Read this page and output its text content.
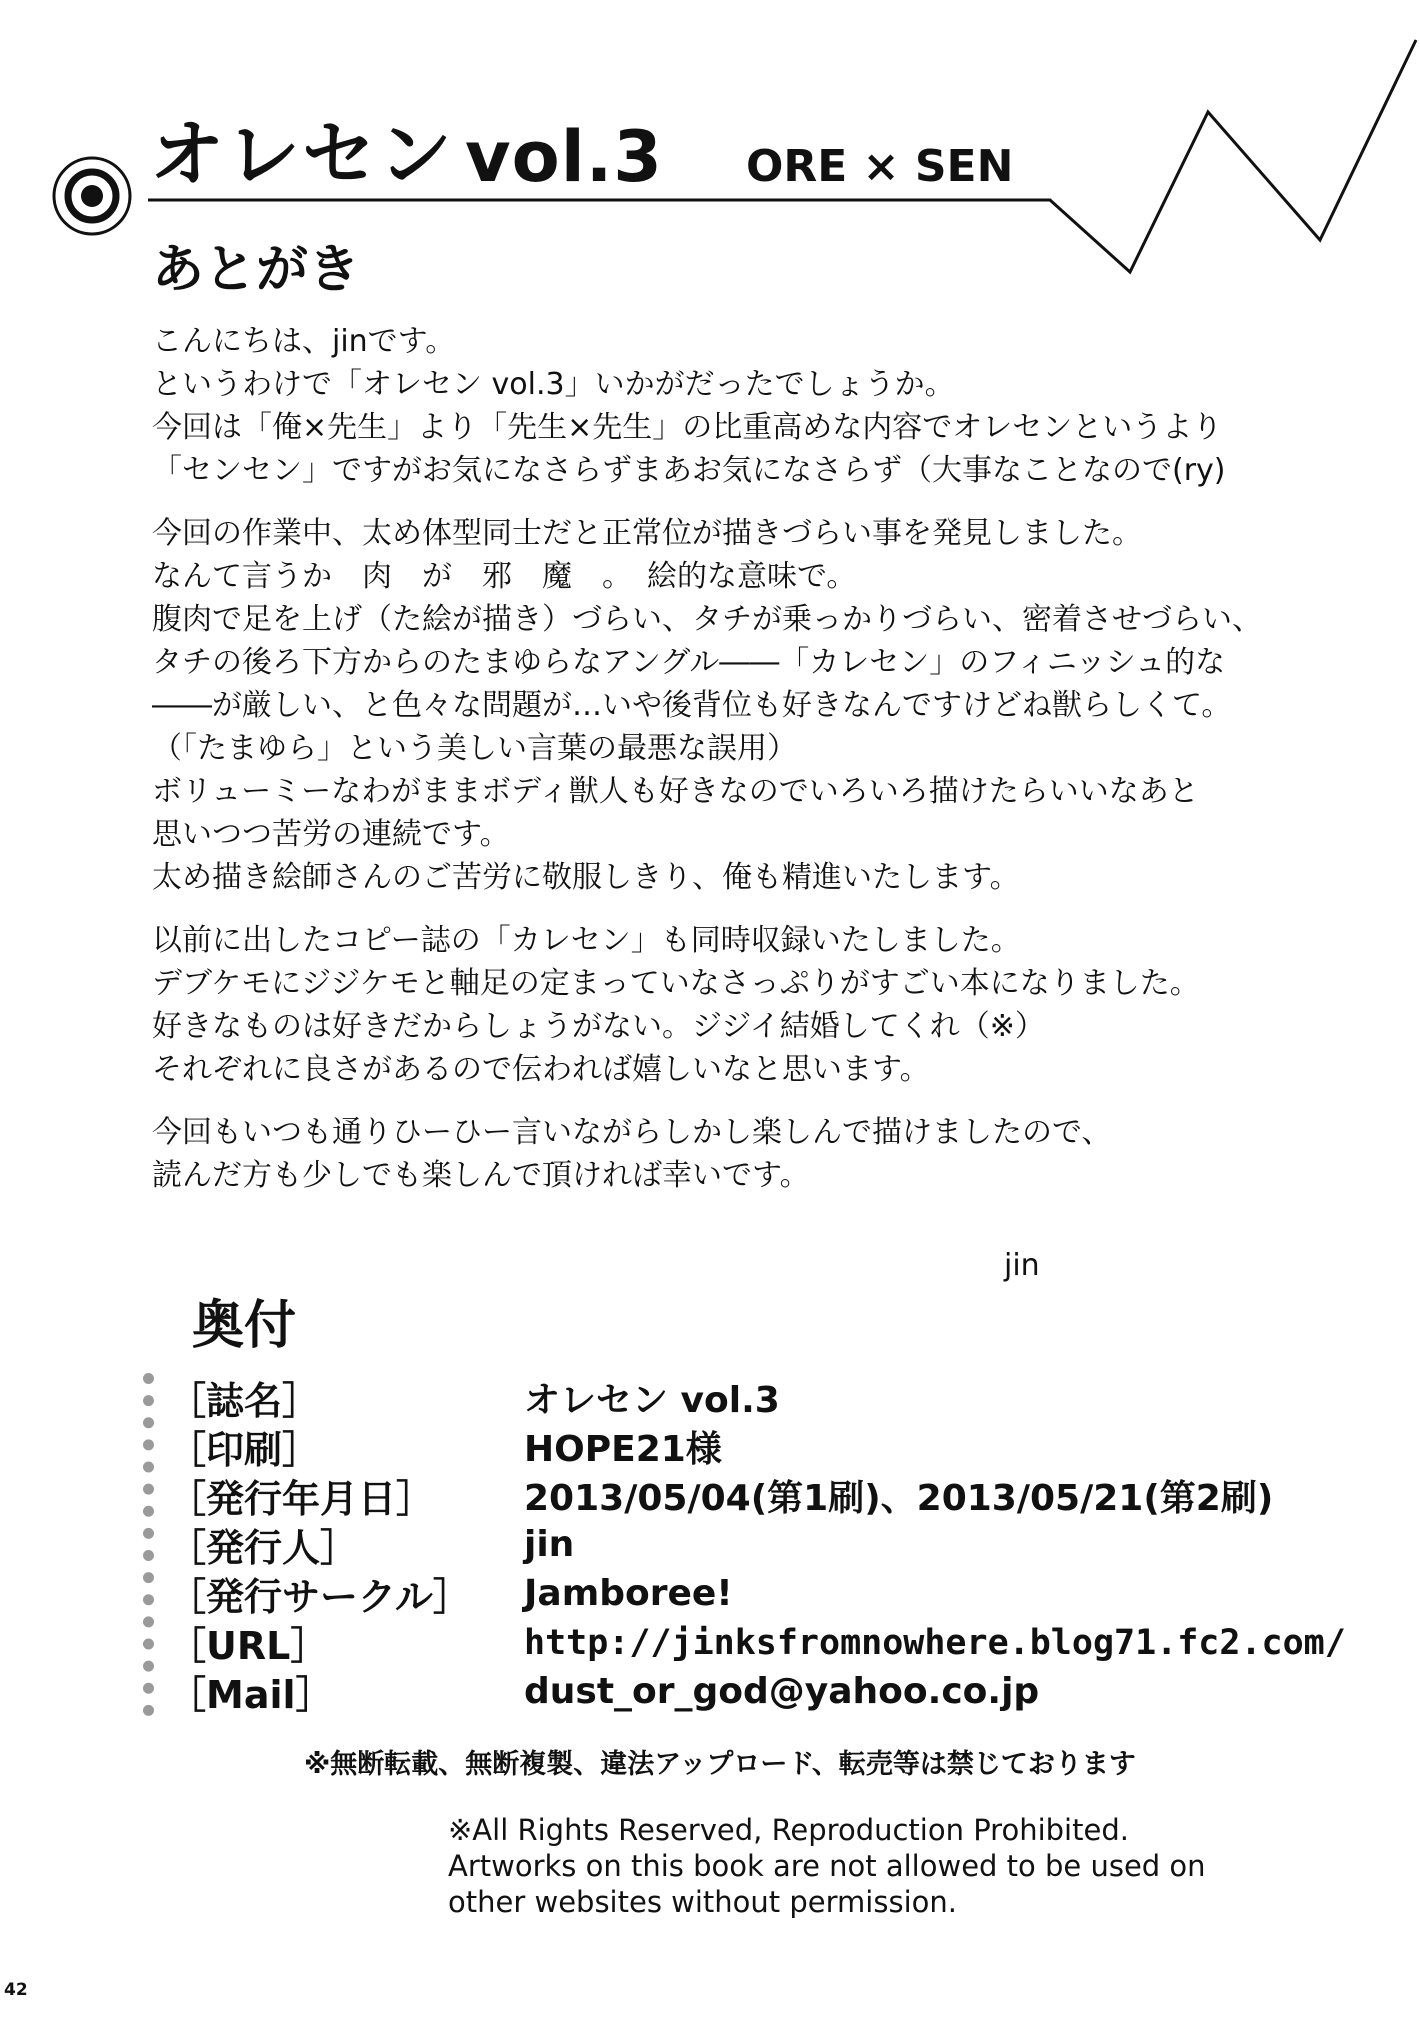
オレセン vol.3 ORE × SEN
あとがき
こんにちは、jinです。
というわけで「オレセン vol.3」いかがだったでしょうか。
今回は「俺×先生」より「先生×先生」の比重高めな内容でオレセンというより
「センセン」ですがお気になさらずまあお気になさらず（大事なことなので(ry)
今回の作業中、太め体型同士だと正常位が描きづらい事を発見しました。
なんて言うか　肉　が　邪　魔　。　絵的な意味で。
腹肉で足を上げ（た絵が描き）づらい、タチが乗っかりづらい、密着させづらい、
タチの後ろ下方からのたまゆらなアングル――「カレセン」のフィニッシュ的な
――が厳しい、と色々な問題が…いや後背位も好きなんですけどね獣らしくて。
（「たまゆら」という美しい言葉の最悪な誤用）
ボリューミーなわがままボディ獣人も好きなのでいろいろ描けたらいいなあと
思いつつ苦労の連続です。
太め描き絵師さんのご苦労に敬服しきり、俺も精進いたします。
以前に出したコピー誌の「カレセン」も同時収録いたしました。
デブケモにジジケモと軸足の定まっていなさっぷりがすごい本になりました。
好きなものは好きだからしょうがない。ジジイ結婚してくれ（※）
それぞれに良さがあるので伝われば嬉しいなと思います。
今回もいつも通りひーひー言いながらしかし楽しんで描けましたので、
読んだ方も少しでも楽しんで頂ければ幸いです。
jin
奥付
［誌名］	オレセン vol.3
［印刷］	HOPE21様
［発行年月日］	2013/05/04(第1刷)、2013/05/21(第2刷)
［発行人］	jin
［発行サークル］	Jamboree!
［URL］	http://jinksfromnowhere.blog71.fc2.com/
［Mail］	dust_or_god@yahoo.co.jp
※無断転載、無断複製、違法アップロード、転売等は禁じております
※All Rights Reserved, Reproduction Prohibited.
Artworks on this book are not allowed to be used on
other websites without permission.
42
